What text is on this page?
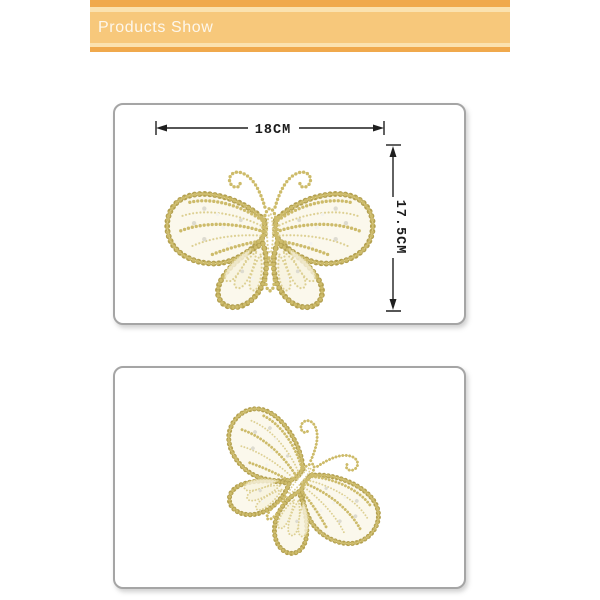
Products Show
18CM
17.5CM
